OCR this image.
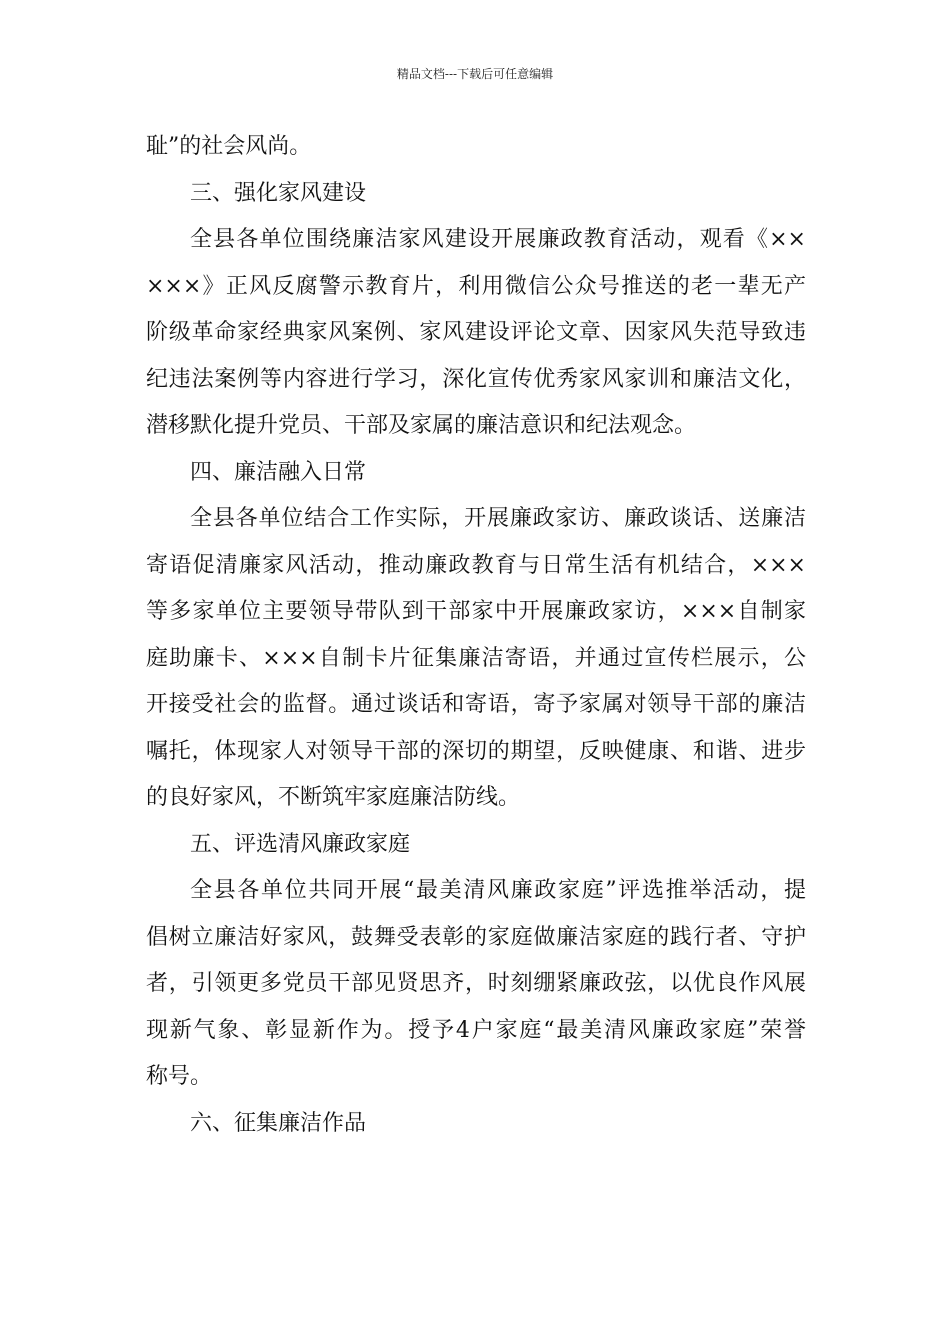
精品文档---下载后可任意编辑
耻”的社会风尚。
三、强化家风建设
全县各单位围绕廉洁家风建设开展廉政教育活动，观看《××
×××》正风反腐警示教育片，利用微信公众号推送的老一辈无产
阶级革命家经典家风案例、家风建设评论文章、因家风失范导致违
纪违法案例等内容进行学习，深化宣传优秀家风家训和廉洁文化，
潜移默化提升党员、干部及家属的廉洁意识和纪法观念。
四、廉洁融入日常
全县各单位结合工作实际，开展廉政家访、廉政谈话、送廉洁
寄语促清廉家风活动，推动廉政教育与日常生活有机结合，×××
等多家单位主要领导带队到干部家中开展廉政家访，×××自制家
庭助廉卡、×××自制卡片征集廉洁寄语，并通过宣传栏展示，公
开接受社会的监督。通过谈话和寄语，寄予家属对领导干部的廉洁
嘱托，体现家人对领导干部的深切的期望，反映健康、和谐、进步
的良好家风，不断筑牢家庭廉洁防线。
五、评选清风廉政家庭
全县各单位共同开展“最美清风廉政家庭”评选推举活动，提
倡树立廉洁好家风，鼓舞受表彰的家庭做廉洁家庭的践行者、守护
者，引领更多党员干部见贤思齐，时刻绷紧廉政弦，以优良作风展
现新气象、彰显新作为。授予4户家庭“最美清风廉政家庭”荣誉
称号。
六、征集廉洁作品
